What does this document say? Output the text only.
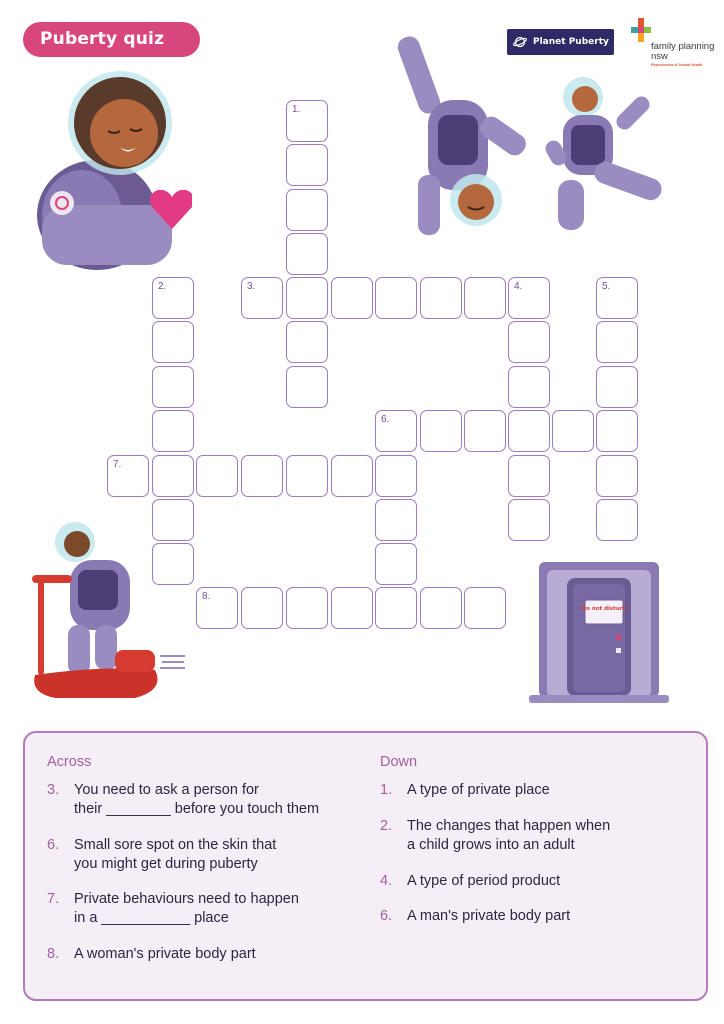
Puberty quiz	Planet Puberty	family planning nsw
Reproductive & Sexual Health
Do not disturb
1.
2.	3.	4.	5.
6.
7.
8.
Across	Down
3. You need to ask a person for
their ________ before you touch them
6. Small sore spot on the skin that
you might get during puberty
7. Private behaviours need to happen
in a ___________ place
8. A woman's private body part
1. A type of private place
2. The changes that happen when
a child grows into an adult
4. A type of period product
6. A man's private body part
